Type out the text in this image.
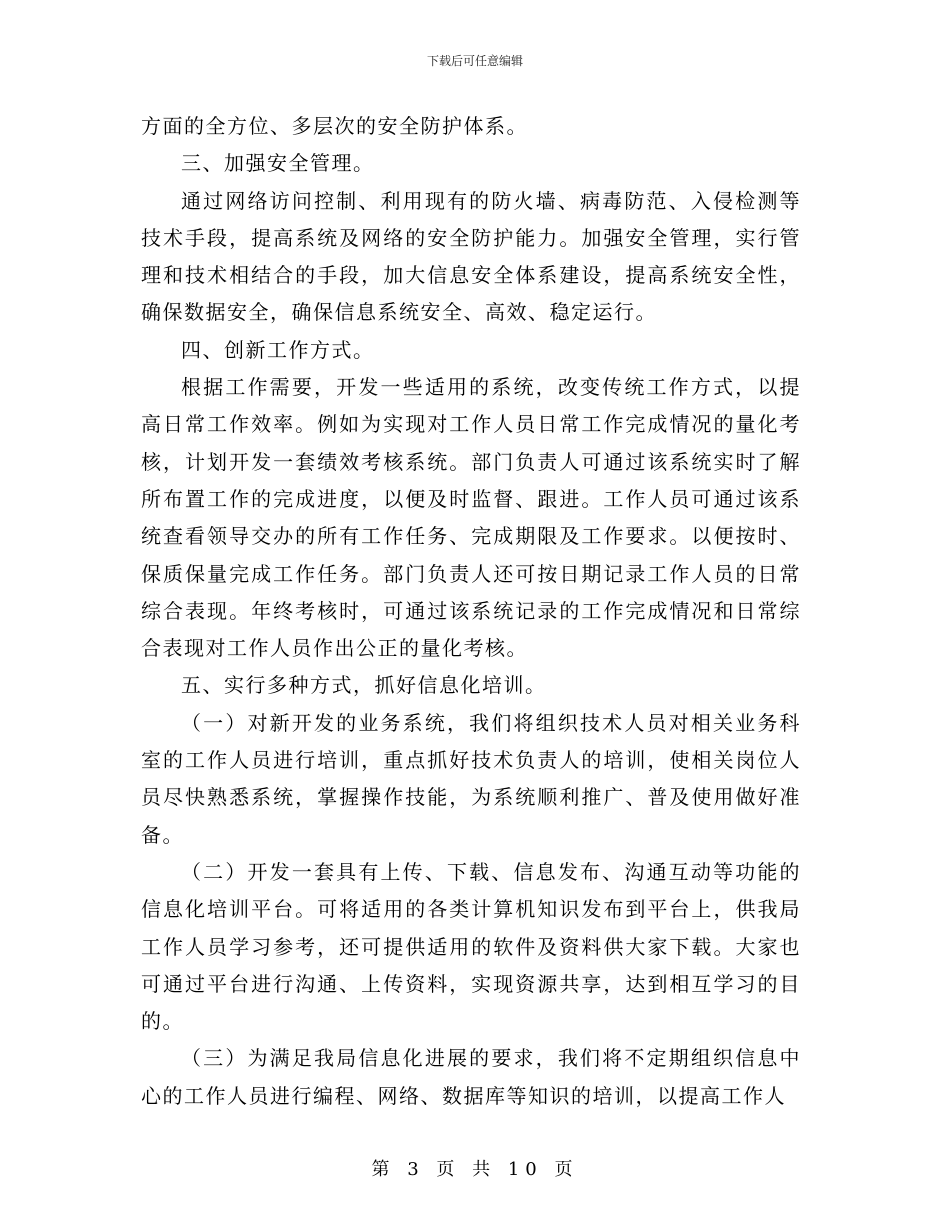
下载后可任意编辑

方面的全方位、多层次的安全防护体系。

三、加强安全管理。

通过网络访问控制、利用现有的防火墙、病毒防范、入侵检测等技术手段，提高系统及网络的安全防护能力。加强安全管理，实行管理和技术相结合的手段，加大信息安全体系建设，提高系统安全性，确保数据安全，确保信息系统安全、高效、稳定运行。

四、创新工作方式。

根据工作需要，开发一些适用的系统，改变传统工作方式，以提高日常工作效率。例如为实现对工作人员日常工作完成情况的量化考核，计划开发一套绩效考核系统。部门负责人可通过该系统实时了解所布置工作的完成进度，以便及时监督、跟进。工作人员可通过该系统查看领导交办的所有工作任务、完成期限及工作要求。以便按时、保质保量完成工作任务。部门负责人还可按日期记录工作人员的日常综合表现。年终考核时，可通过该系统记录的工作完成情况和日常综合表现对工作人员作出公正的量化考核。

五、实行多种方式，抓好信息化培训。

（一）对新开发的业务系统，我们将组织技术人员对相关业务科室的工作人员进行培训，重点抓好技术负责人的培训，使相关岗位人员尽快熟悉系统，掌握操作技能，为系统顺利推广、普及使用做好准备。

（二）开发一套具有上传、下载、信息发布、沟通互动等功能的信息化培训平台。可将适用的各类计算机知识发布到平台上，供我局工作人员学习参考，还可提供适用的软件及资料供大家下载。大家也可通过平台进行沟通、上传资料，实现资源共享，达到相互学习的目的。

（三）为满足我局信息化进展的要求，我们将不定期组织信息中心的工作人员进行编程、网络、数据库等知识的培训，以提高工作人

第 3 页 共 10 页
